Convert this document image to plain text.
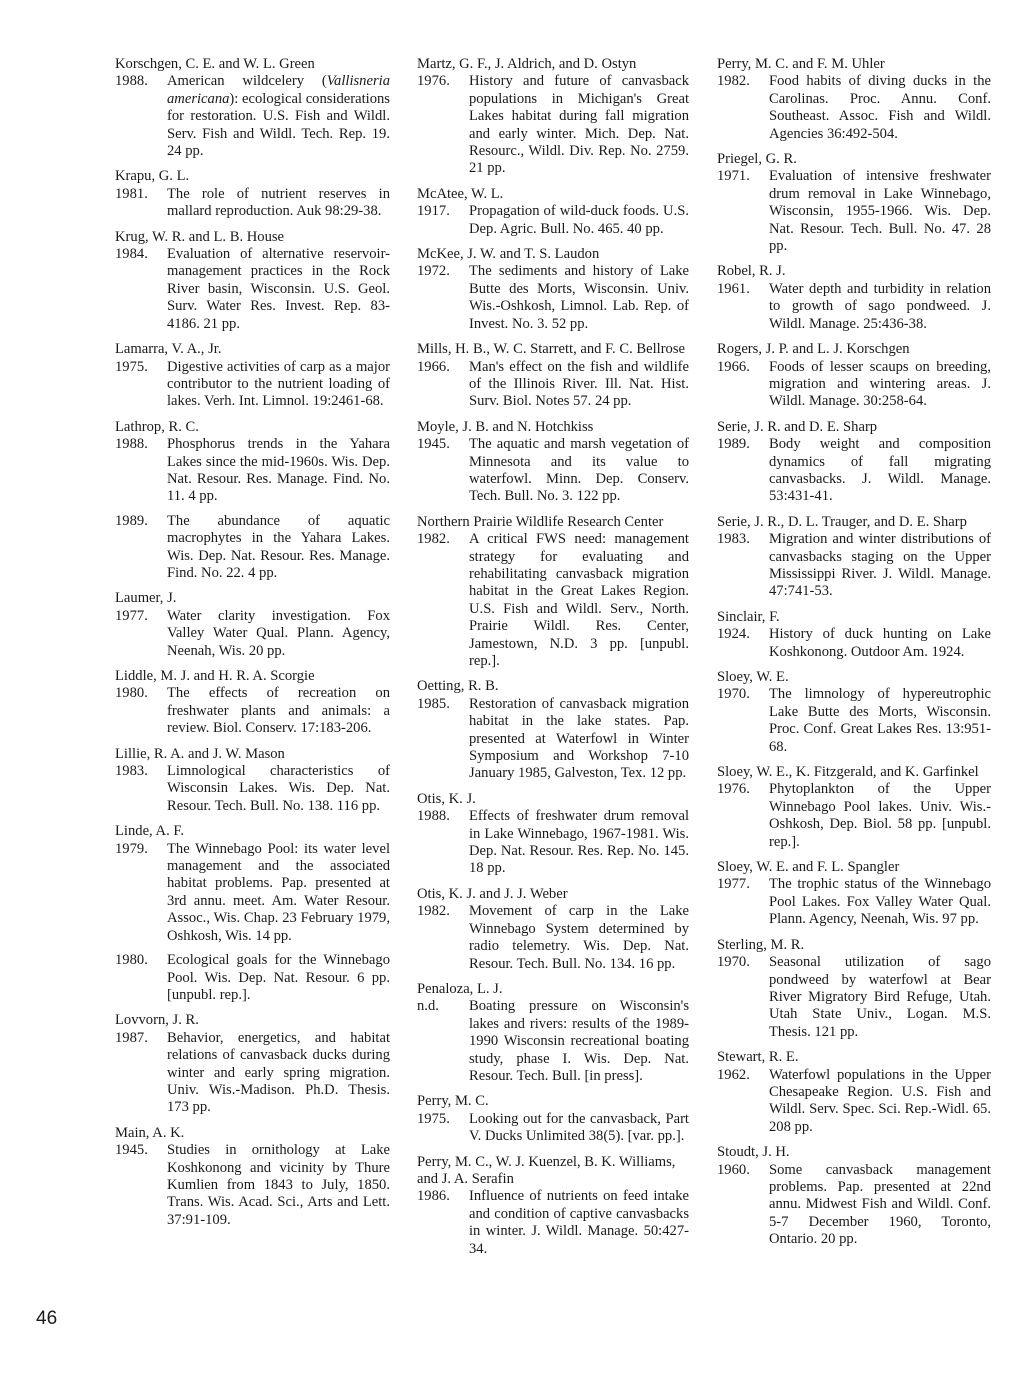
Korschgen, C. E. and W. L. Green
1988.	American wildcelery (Vallisneria americana): ecological considerations for restoration. U.S. Fish and Wildl. Serv. Fish and Wildl. Tech. Rep. 19. 24 pp.
Krapu, G. L.
1981.	The role of nutrient reserves in mallard reproduction. Auk 98:29-38.
Krug, W. R. and L. B. House
1984.	Evaluation of alternative reservoir-management practices in the Rock River basin, Wisconsin. U.S. Geol. Surv. Water Res. Invest. Rep. 83-4186. 21 pp.
Lamarra, V. A., Jr.
1975.	Digestive activities of carp as a major contributor to the nutrient loading of lakes. Verh. Int. Limnol. 19:2461-68.
Lathrop, R. C.
1988.	Phosphorus trends in the Yahara Lakes since the mid-1960s. Wis. Dep. Nat. Resour. Res. Manage. Find. No. 11. 4 pp.
1989.	The abundance of aquatic macrophytes in the Yahara Lakes. Wis. Dep. Nat. Resour. Res. Manage. Find. No. 22. 4 pp.
Laumer, J.
1977.	Water clarity investigation. Fox Valley Water Qual. Plann. Agency, Neenah, Wis. 20 pp.
Liddle, M. J. and H. R. A. Scorgie
1980.	The effects of recreation on freshwater plants and animals: a review. Biol. Conserv. 17:183-206.
Lillie, R. A. and J. W. Mason
1983.	Limnological characteristics of Wisconsin Lakes. Wis. Dep. Nat. Resour. Tech. Bull. No. 138. 116 pp.
Linde, A. F.
1979.	The Winnebago Pool: its water level management and the associated habitat problems. Pap. presented at 3rd annu. meet. Am. Water Resour. Assoc., Wis. Chap. 23 February 1979, Oshkosh, Wis. 14 pp.
1980.	Ecological goals for the Winnebago Pool. Wis. Dep. Nat. Resour. 6 pp. [unpubl. rep.].
Lovvorn, J. R.
1987.	Behavior, energetics, and habitat relations of canvasback ducks during winter and early spring migration. Univ. Wis.-Madison. Ph.D. Thesis. 173 pp.
Main, A. K.
1945.	Studies in ornithology at Lake Koshkonong and vicinity by Thure Kumlien from 1843 to July, 1850. Trans. Wis. Acad. Sci., Arts and Lett. 37:91-109.
Martz, G. F., J. Aldrich, and D. Ostyn
1976.	History and future of canvasback populations in Michigan's Great Lakes habitat during fall migration and early winter. Mich. Dep. Nat. Resourc., Wildl. Div. Rep. No. 2759. 21 pp.
McAtee, W. L.
1917.	Propagation of wild-duck foods. U.S. Dep. Agric. Bull. No. 465. 40 pp.
McKee, J. W. and T. S. Laudon
1972.	The sediments and history of Lake Butte des Morts, Wisconsin. Univ. Wis.-Oshkosh, Limnol. Lab. Rep. of Invest. No. 3. 52 pp.
Mills, H. B., W. C. Starrett, and F. C. Bellrose
1966.	Man's effect on the fish and wildlife of the Illinois River. Ill. Nat. Hist. Surv. Biol. Notes 57. 24 pp.
Moyle, J. B. and N. Hotchkiss
1945.	The aquatic and marsh vegetation of Minnesota and its value to waterfowl. Minn. Dep. Conserv. Tech. Bull. No. 3. 122 pp.
Northern Prairie Wildlife Research Center
1982.	A critical FWS need: management strategy for evaluating and rehabilitating canvasback migration habitat in the Great Lakes Region. U.S. Fish and Wildl. Serv., North. Prairie Wildl. Res. Center, Jamestown, N.D. 3 pp. [unpubl. rep.].
Oetting, R. B.
1985.	Restoration of canvasback migration habitat in the lake states. Pap. presented at Waterfowl in Winter Symposium and Workshop 7-10 January 1985, Galveston, Tex. 12 pp.
Otis, K. J.
1988.	Effects of freshwater drum removal in Lake Winnebago, 1967-1981. Wis. Dep. Nat. Resour. Res. Rep. No. 145. 18 pp.
Otis, K. J. and J. J. Weber
1982.	Movement of carp in the Lake Winnebago System determined by radio telemetry. Wis. Dep. Nat. Resour. Tech. Bull. No. 134. 16 pp.
Penaloza, L. J.
n.d.	Boating pressure on Wisconsin's lakes and rivers: results of the 1989-1990 Wisconsin recreational boating study, phase I. Wis. Dep. Nat. Resour. Tech. Bull. [in press].
Perry, M. C.
1975.	Looking out for the canvasback, Part V. Ducks Unlimited 38(5). [var. pp.].
Perry, M. C., W. J. Kuenzel, B. K. Williams, and J. A. Serafin
1986.	Influence of nutrients on feed intake and condition of captive canvasbacks in winter. J. Wildl. Manage. 50:427-34.
Perry, M. C. and F. M. Uhler
1982.	Food habits of diving ducks in the Carolinas. Proc. Annu. Conf. Southeast. Assoc. Fish and Wildl. Agencies 36:492-504.
Priegel, G. R.
1971.	Evaluation of intensive freshwater drum removal in Lake Winnebago, Wisconsin, 1955-1966. Wis. Dep. Nat. Resour. Tech. Bull. No. 47. 28 pp.
Robel, R. J.
1961.	Water depth and turbidity in relation to growth of sago pondweed. J. Wildl. Manage. 25:436-38.
Rogers, J. P. and L. J. Korschgen
1966.	Foods of lesser scaups on breeding, migration and wintering areas. J. Wildl. Manage. 30:258-64.
Serie, J. R. and D. E. Sharp
1989.	Body weight and composition dynamics of fall migrating canvasbacks. J. Wildl. Manage. 53:431-41.
Serie, J. R., D. L. Trauger, and D. E. Sharp
1983.	Migration and winter distributions of canvasbacks staging on the Upper Mississippi River. J. Wildl. Manage. 47:741-53.
Sinclair, F.
1924.	History of duck hunting on Lake Koshkonong. Outdoor Am. 1924.
Sloey, W. E.
1970.	The limnology of hypereutrophic Lake Butte des Morts, Wisconsin. Proc. Conf. Great Lakes Res. 13:951-68.
Sloey, W. E., K. Fitzgerald, and K. Garfinkel
1976.	Phytoplankton of the Upper Winnebago Pool lakes. Univ. Wis.-Oshkosh, Dep. Biol. 58 pp. [unpubl. rep.].
Sloey, W. E. and F. L. Spangler
1977.	The trophic status of the Winnebago Pool Lakes. Fox Valley Water Qual. Plann. Agency, Neenah, Wis. 97 pp.
Sterling, M. R.
1970.	Seasonal utilization of sago pondweed by waterfowl at Bear River Migratory Bird Refuge, Utah. Utah State Univ., Logan. M.S. Thesis. 121 pp.
Stewart, R. E.
1962.	Waterfowl populations in the Upper Chesapeake Region. U.S. Fish and Wildl. Serv. Spec. Sci. Rep.-Widl. 65. 208 pp.
Stoudt, J. H.
1960.	Some canvasback management problems. Pap. presented at 22nd annu. Midwest Fish and Wildl. Conf. 5-7 December 1960, Toronto, Ontario. 20 pp.
46
